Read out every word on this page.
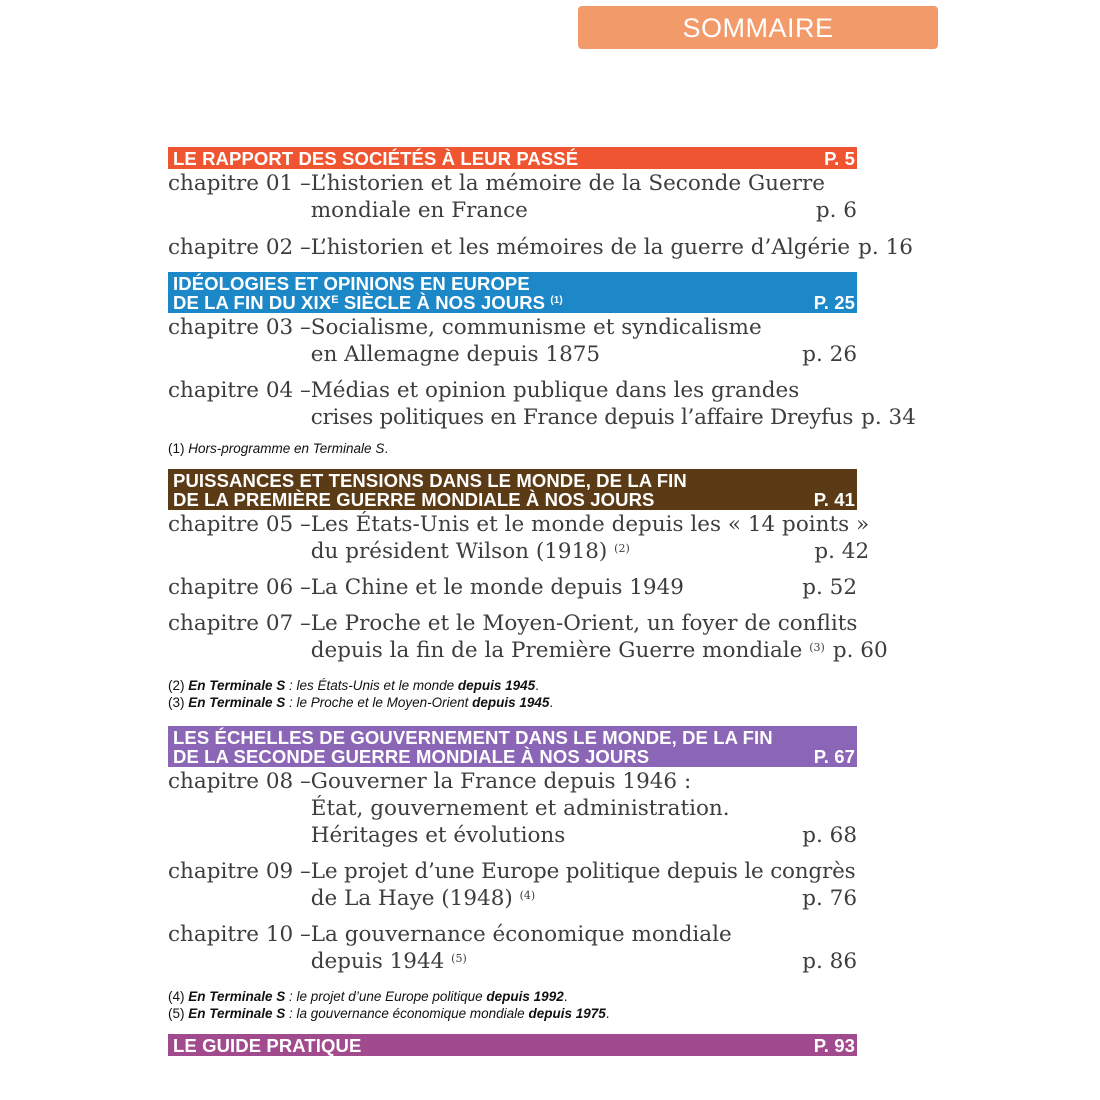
SOMMAIRE
LE RAPPORT DES SOCIÉTÉS À LEUR PASSÉ	P. 5
chapitre 01 – L’historien et la mémoire de la Seconde Guerre
mondiale en France	p. 6
chapitre 02 – L’historien et les mémoires de la guerre d’Algérie p. 16
IDÉOLOGIES ET OPINIONS EN EUROPE
DE LA FIN DU $XIX^E$ SIÈCLE À NOS JOURS $^{(1)}$	P. 25
chapitre 03 – Socialisme, communisme et syndicalisme
en Allemagne depuis 1875	p. 26
chapitre 04 – Médias et opinion publique dans les grandes
crises politiques en France depuis l’affaire Dreyfus p. 34
(1) Hors-programme en Terminale S.
PUISSANCES ET TENSIONS DANS LE MONDE, DE LA FIN
DE LA PREMIÈRE GUERRE MONDIALE À NOS JOURS	P. 41
chapitre 05 – Les États-Unis et le monde depuis les « 14 points »
du président Wilson (1918) $^{(2)}$	p. 42
chapitre 06 – La Chine et le monde depuis 1949	p. 52
chapitre 07 – Le Proche et le Moyen-Orient, un foyer de conflits
depuis la fin de la Première Guerre mondiale $^{(3)}$ p. 60
(2) En Terminale S : les États-Unis et le monde depuis 1945.
(3) En Terminale S : le Proche et le Moyen-Orient depuis 1945.
LES ÉCHELLES DE GOUVERNEMENT DANS LE MONDE, DE LA FIN
DE LA SECONDE GUERRE MONDIALE À NOS JOURS	P. 67
chapitre 08 – Gouverner la France depuis 1946 :
État, gouvernement et administration.
Héritages et évolutions	p. 68
chapitre 09 – Le projet d’une Europe politique depuis le congrès
de La Haye (1948) $^{(4)}$	p. 76
chapitre 10 – La gouvernance économique mondiale
depuis 1944 $^{(5)}$	p. 86
(4) En Terminale S : le projet d’une Europe politique depuis 1992.
(5) En Terminale S : la gouvernance économique mondiale depuis 1975.
LE GUIDE PRATIQUE	P. 93
